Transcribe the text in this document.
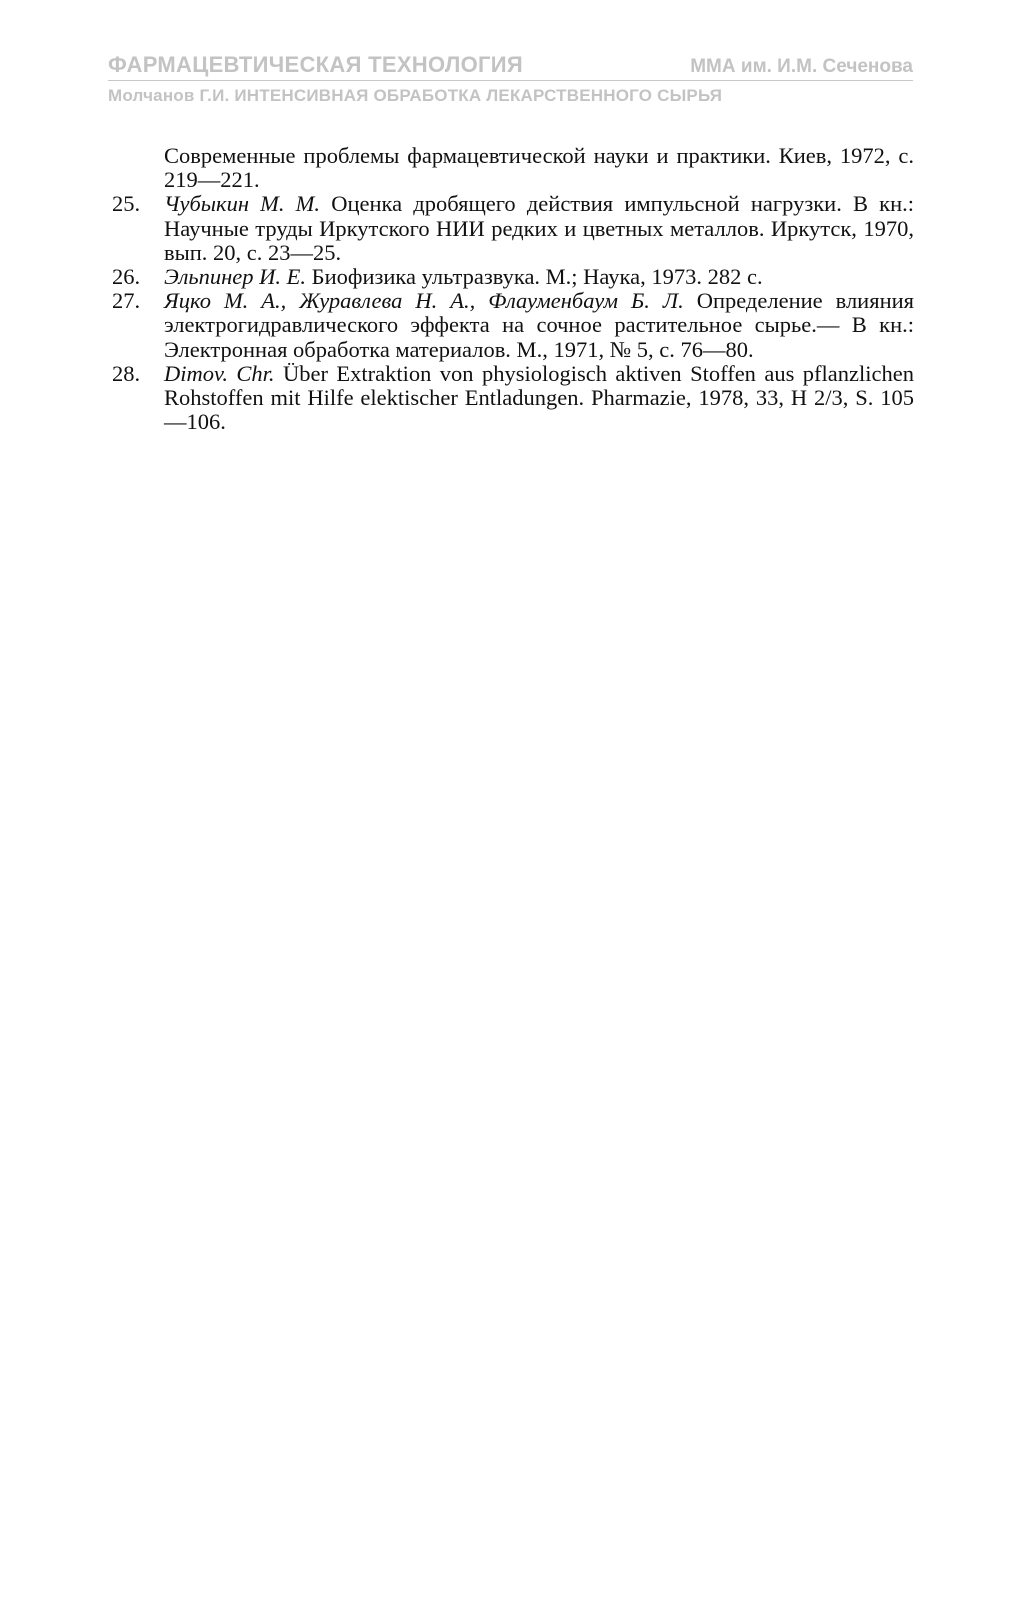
ФАРМАЦЕВТИЧЕСКАЯ ТЕХНОЛОГИЯ	ММА им. И.М. Сеченова
Молчанов Г.И. ИНТЕНСИВНАЯ ОБРАБОТКА ЛЕКАРСТВЕННОГО СЫРЬЯ
Современные проблемы фармацевтической науки и практики. Киев, 1972, с. 219—221.
25.	Чубыкин М. М. Оценка дробящего действия импульсной нагрузки. В кн.: Научные труды Иркутского НИИ редких и цветных металлов. Иркутск, 1970, вып. 20, с. 23—25.
26.	Эльпинер И. Е. Биофизика ультразвука. М.; Наука, 1973. 282 с.
27.	Яцко М. А., Журавлева Н. А., Флауменбаум Б. Л. Определение влияния электрогидравлического эффекта на сочное растительное сырье.— В кн.: Электронная обработка материалов. М., 1971, № 5, с. 76—80.
28.	Dimov. Chr. Über Extraktion von physiologisch aktiven Stoffen aus pflanzlichen Rohstoffen mit Hilfe elektischer Entladungen. Pharmazie, 1978, 33, H 2/3, S. 105—106.
